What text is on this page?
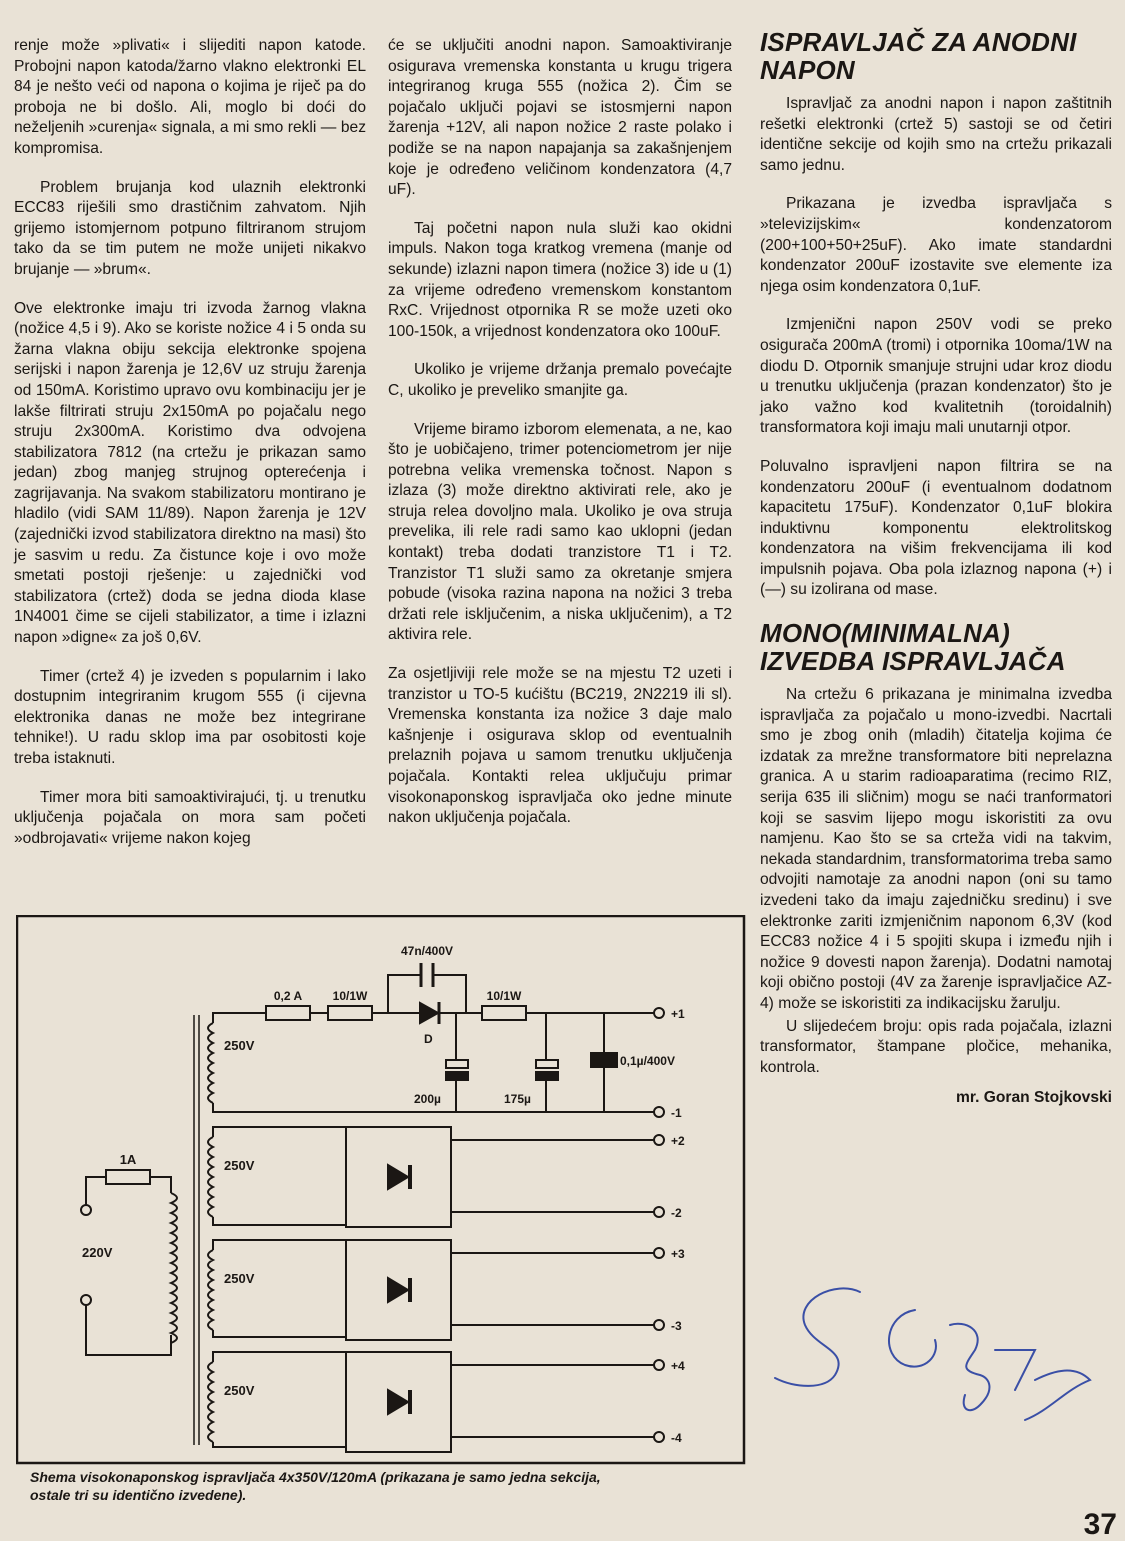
renje može »plivati« i slijediti napon katode. Probojni napon katoda/žarno vlakno elektronki EL 84 je nešto veći od napona o kojima je riječ pa do proboja ne bi došlo. Ali, moglo bi doći do neželjenih »curenja« signala, a mi smo rekli — bez kompromisa.

Problem brujanja kod ulaznih elektronki ECC83 riješili smo drastičnim zahvatom. Njih grijemo istomjernom potpuno filtriranom strujom tako da se tim putem ne može unijeti nikakvo brujanje — »brum«.

Ove elektronke imaju tri izvoda žarnog vlakna (nožice 4,5 i 9). Ako se koriste nožice 4 i 5 onda su žarna vlakna obiju sekcija elektronke spojena serijski i napon žarenja je 12,6V uz struju žarenja od 150mA. Koristimo upravo ovu kombinaciju jer je lakše filtrirati struju 2x150mA po pojačalu nego struju 2x300mA. Koristimo dva odvojena stabilizatora 7812 (na crtežu je prikazan samo jedan) zbog manjeg strujnog opterećenja i zagrijavanja. Na svakom stabilizatoru montirano je hladilo (vidi SAM 11/89). Napon žarenja je 12V (zajednički izvod stabilizatora direktno na masi) što je sasvim u redu. Za čistunce koje i ovo može smetati postoji rješenje: u zajednički vod stabilizatora (crtež) doda se jedna dioda klase 1N4001 čime se cijeli stabilizator, a time i izlazni napon »digne« za još 0,6V.

Timer (crtež 4) je izveden s popularnim i lako dostupnim integriranim krugom 555 (i cijevna elektronika danas ne može bez integrirane tehnike!). U radu sklop ima par osobitosti koje treba istaknuti.

Timer mora biti samoaktivirajući, tj. u trenutku uključenja pojačala on mora sam početi »odbrojavati« vrijeme nakon kojeg

će se uključiti anodni napon. Samoaktiviranje osigurava vremenska konstanta u krugu trigera integriranog kruga 555 (nožica 2). Čim se pojačalo uključi pojavi se istosmjerni napon žarenja +12V, ali napon nožice 2 raste polako i podiže se na napon napajanja sa zakašnjenjem koje je određeno veličinom kondenzatora (4,7 uF).

Taj početni napon nula služi kao okidni impuls. Nakon toga kratkog vremena (manje od sekunde) izlazni napon timera (nožice 3) ide u (1) za vrijeme određeno vremenskom konstantom RxC. Vrijednost otpornika R se može uzeti oko 100-150k, a vrijednost kondenzatora oko 100uF.

Ukoliko je vrijeme držanja premalo povećajte C, ukoliko je preveliko smanjite ga.

Vrijeme biramo izborom elemenata, a ne, kao što je uobičajeno, trimer potenciometrom jer nije potrebna velika vremenska točnost. Napon s izlaza (3) može direktno aktivirati rele, ako je struja relea dovoljno mala. Ukoliko je ova struja prevelika, ili rele radi samo kao uklopni (jedan kontakt) treba dodati tranzistore T1 i T2. Tranzistor T1 služi samo za okretanje smjera pobude (visoka razina napona na nožici 3 treba držati rele isključenim, a niska uključenim), a T2 aktivira rele.

Za osjetljiviji rele može se na mjestu T2 uzeti i tranzistor u TO-5 kućištu (BC219, 2N2219 ili sl). Vremenska konstanta iza nožice 3 daje malo kašnjenje i osigurava sklop od eventualnih prelaznih pojava u samom trenutku uključenja pojačala. Kontakti relea uključuju primar visokonaponskog ispravljača oko jedne minute nakon uključenja pojačala.

ISPRAVLJAČ ZA ANODNI NAPON

Ispravljač za anodni napon i napon zaštitnih rešetki elektronki (crtež 5) sastoji se od četiri identične sekcije od kojih smo na crtežu prikazali samo jednu.

Prikazana je izvedba ispravljača s »televizijskim« kondenzatorom (200+100+50+25uF). Ako imate standardni kondenzator 200uF izostavite sve elemente iza njega osim kondenzatora 0,1uF.

Izmjenični napon 250V vodi se preko osigurača 200mA (tromi) i otpornika 10oma/1W na diodu D. Otpornik smanjuje strujni udar kroz diodu u trenutku uključenja (prazan kondenzator) što je jako važno kod kvalitetnih (toroidalnih) transformatora koji imaju mali unutarnji otpor.

Poluvalno ispravljeni napon filtrira se na kondenzatoru 200uF (i eventualnom dodatnom kapacitetu 175uF). Kondenzator 0,1uF blokira induktivnu komponentu elektrolitskog kondenzatora na višim frekvencijama ili kod impulsnih pojava. Oba pola izlaznog napona (+) i (—) su izolirana od mase.

MONO(MINIMALNA) IZVEDBA ISPRAVLJAČA

Na crtežu 6 prikazana je minimalna izvedba ispravljača za pojačalo u mono-izvedbi. Nacrtali smo je zbog onih (mladih) čitatelja kojima će izdatak za mrežne transformatore biti neprelazna granica. A u starim radioaparatima (recimo RIZ, serija 635 ili sličnim) mogu se naći tranformatori koji se sasvim lijepo mogu iskoristiti za ovu namjenu. Kao što se sa crteža vidi na takvim, nekada standardnim, transformatorima treba samo odvojiti namotaje za anodni napon (oni su tamo izvedeni tako da imaju zajedničku sredinu) i sve elektronke zariti izmjeničnim naponom 6,3V (kod ECC83 nožice 4 i 5 spojiti skupa i između njih i nožice 9 dovesti napon žarenja). Dodatni namotaj koji obično postoji (4V za žarenje ispravljačice AZ-4) može se iskoristiti za indikacijsku žarulju.

U slijedećem broju: opis rada pojačala, izlazni transformator, štampane pločice, mehanika, kontrola.

mr. Goran Stojkovski
1A
220V
250V
250V
250V
250V
0,2 A	10/1W
47n/400V
D
200µ
10/1W
175µ
0,1µ/400V
+1
-1
+2
-2
+3
-3
+4
-4
Shema visokonaponskog ispravljača 4x350V/120mA (prikazana je samo jedna sekcija, ostale tri su identično izvedene).
37
